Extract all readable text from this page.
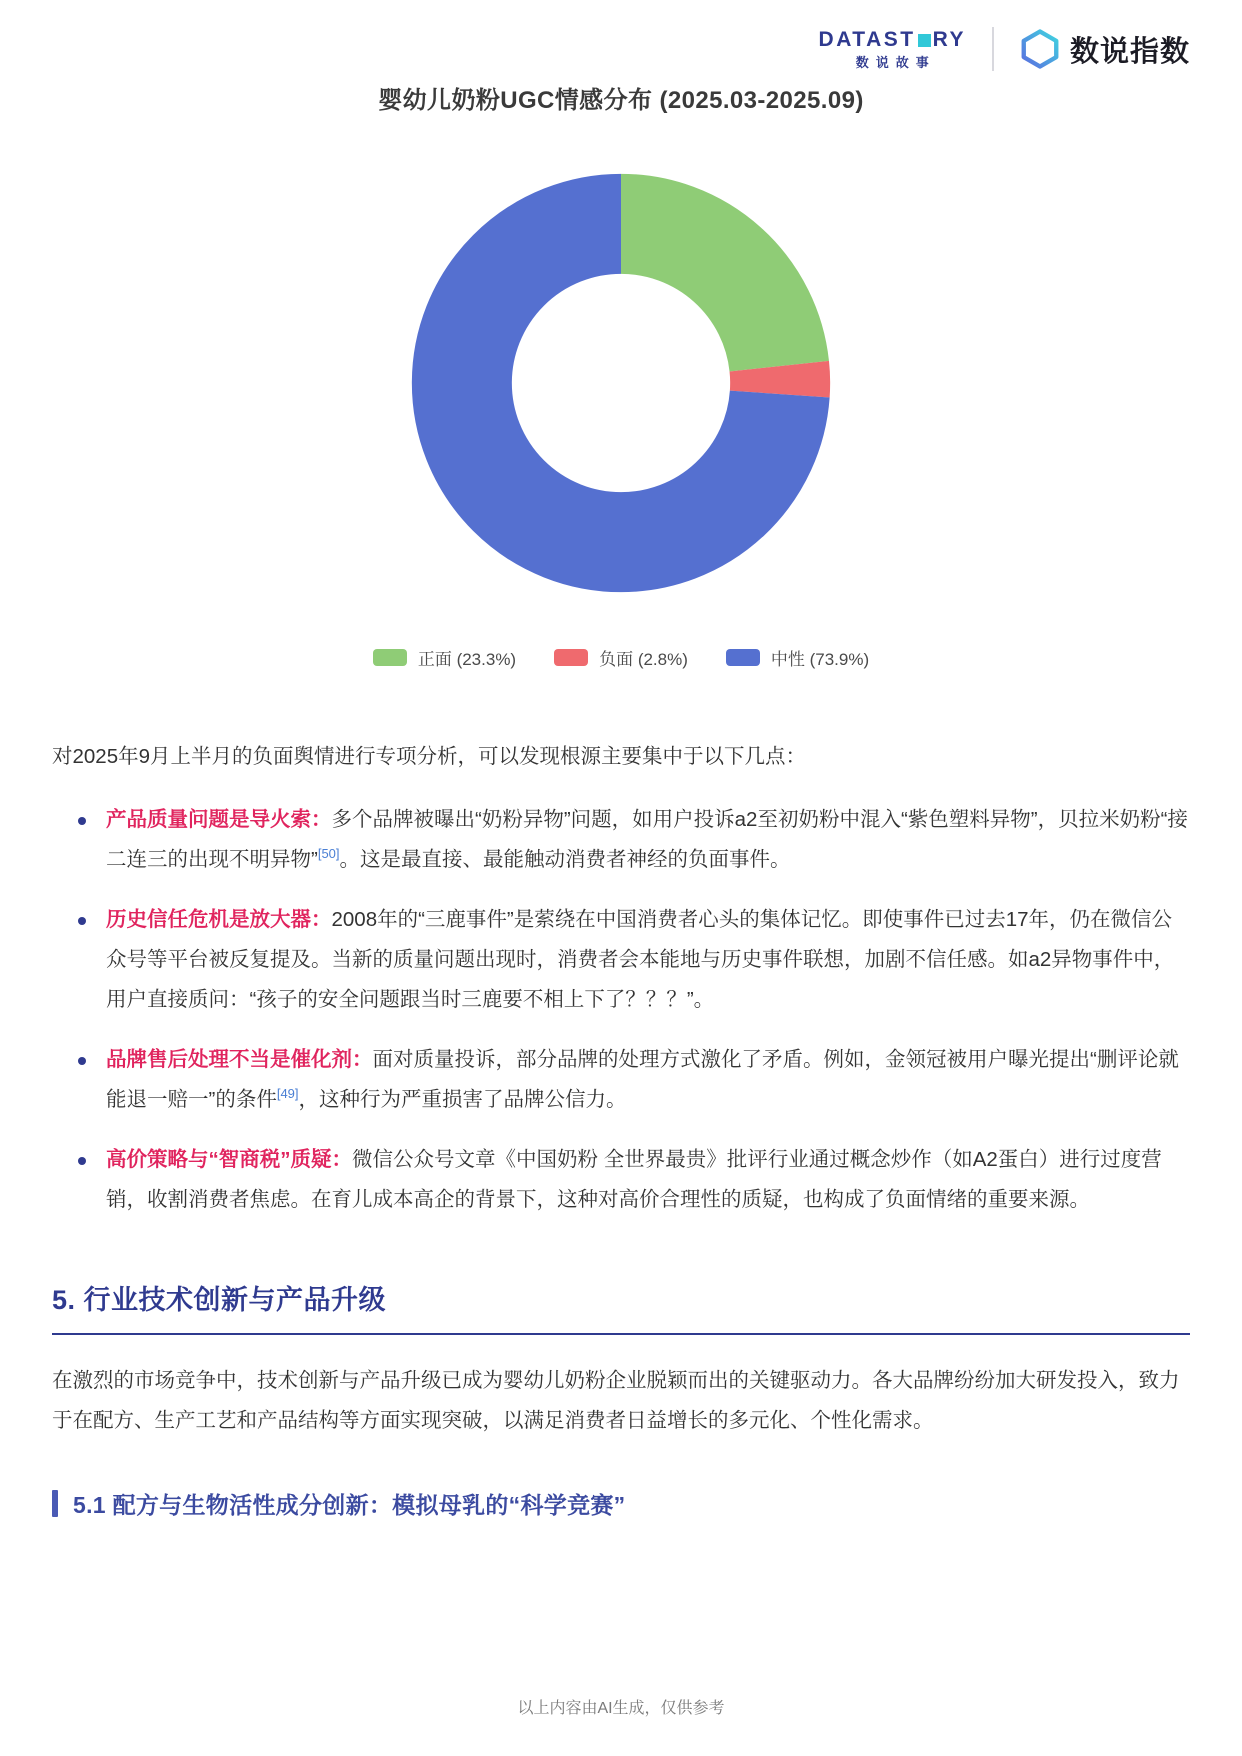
DATAST RY
数说故事	数说指数
婴幼儿奶粉UGC情感分布 (2025.03-2025.09)
正面 (23.3%)	负面 (2.8%)	中性 (73.9%)

对2025年9月上半月的负面舆情进行专项分析，可以发现根源主要集中于以下几点：

产品质量问题是导火索：多个品牌被曝出“奶粉异物”问题，如用户投诉a2至初奶粉中混入“紫色塑料异物”，贝拉米奶粉“接二连三的出现不明异物”[50]。这是最直接、最能触动消费者神经的负面事件。
历史信任危机是放大器：2008年的“三鹿事件”是萦绕在中国消费者心头的集体记忆。即使事件已过去17年，仍在微信公众号等平台被反复提及。当新的质量问题出现时，消费者会本能地与历史事件联想，加剧不信任感。如a2异物事件中，用户直接质问：“孩子的安全问题跟当时三鹿要不相上下了？？？”。
品牌售后处理不当是催化剂：面对质量投诉，部分品牌的处理方式激化了矛盾。例如，金领冠被用户曝光提出“删评论就能退一赔一”的条件[49]，这种行为严重损害了品牌公信力。
高价策略与“智商税”质疑：微信公众号文章《中国奶粉 全世界最贵》批评行业通过概念炒作（如A2蛋白）进行过度营销，收割消费者焦虑。在育儿成本高企的背景下，这种对高价合理性的质疑，也构成了负面情绪的重要来源。
5. 行业技术创新与产品升级

在激烈的市场竞争中，技术创新与产品升级已成为婴幼儿奶粉企业脱颖而出的关键驱动力。各大品牌纷纷加大研发投入，致力于在配方、生产工艺和产品结构等方面实现突破，以满足消费者日益增长的多元化、个性化需求。

5.1 配方与生物活性成分创新：模拟母乳的“科学竞赛”
以上内容由AI生成，仅供参考
